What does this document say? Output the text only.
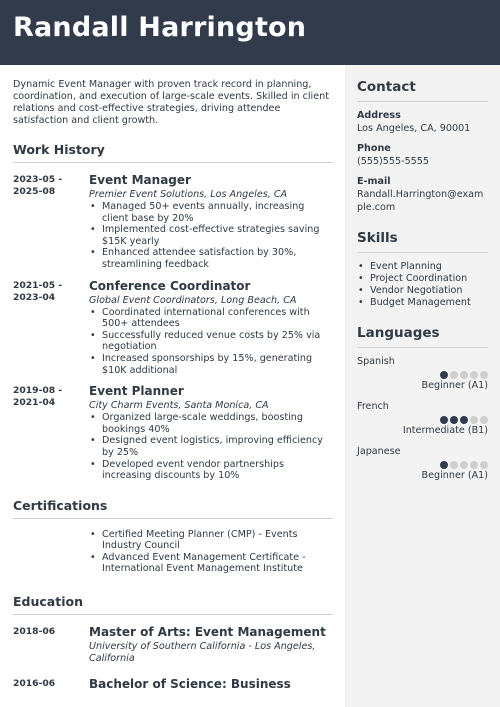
Randall Harrington

Dynamic Event Manager with proven track record in planning, coordination, and execution of large-scale events. Skilled in client relations and cost-effective strategies, driving attendee satisfaction and client growth.

Work History
2023-05 -
2025-08
Event Manager
Premier Event Solutions, Los Angeles, CA
• Managed 50+ events annually, increasing client base by 20%
• Implemented cost-effective strategies saving $15K yearly
• Enhanced attendee satisfaction by 30%, streamlining feedback
2021-05 -
2023-04
Conference Coordinator
Global Event Coordinators, Long Beach, CA
• Coordinated international conferences with 500+ attendees
• Successfully reduced venue costs by 25% via negotiation
• Increased sponsorships by 15%, generating $10K additional
2019-08 -
2021-04
Event Planner
City Charm Events, Santa Monica, CA
• Organized large-scale weddings, boosting bookings 40%
• Designed event logistics, improving efficiency by 25%
• Developed event vendor partnerships increasing discounts by 10%
Certifications
• Certified Meeting Planner (CMP) - Events Industry Council
• Advanced Event Management Certificate - International Event Management Institute
Education
2018-06	Master of Arts: Event Management
University of Southern California - Los Angeles, California
2016-06	Bachelor of Science: Business
Contact
Address
Los Angeles, CA, 90001
Phone
(555)555-5555
E-mail
Randall.Harrington@example.com
Skills
• Event Planning
• Project Coordination
• Vendor Negotiation
• Budget Management
Languages
Spanish
Beginner (A1)
French
Intermediate (B1)
Japanese
Beginner (A1)
